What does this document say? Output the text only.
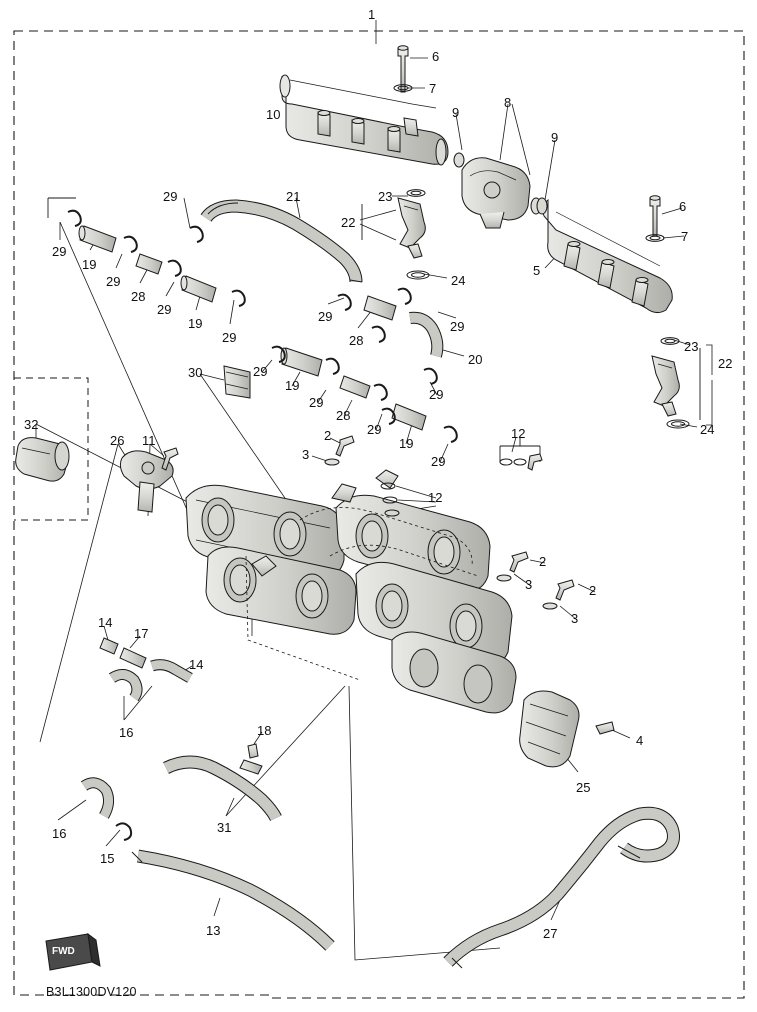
FWD
B3L1300DV120
1
6
7
10	9
8
9
23
22
6
7
29	21
29
19
29
28
29
19
29
24
5
29
28
29
20
23
22
30	29
19
29
28
29
29
19
24
32
11
26	2
3
12
29
12
2
3	2
3
14
17
14
16	18
4
25
31
16
15
13	27
